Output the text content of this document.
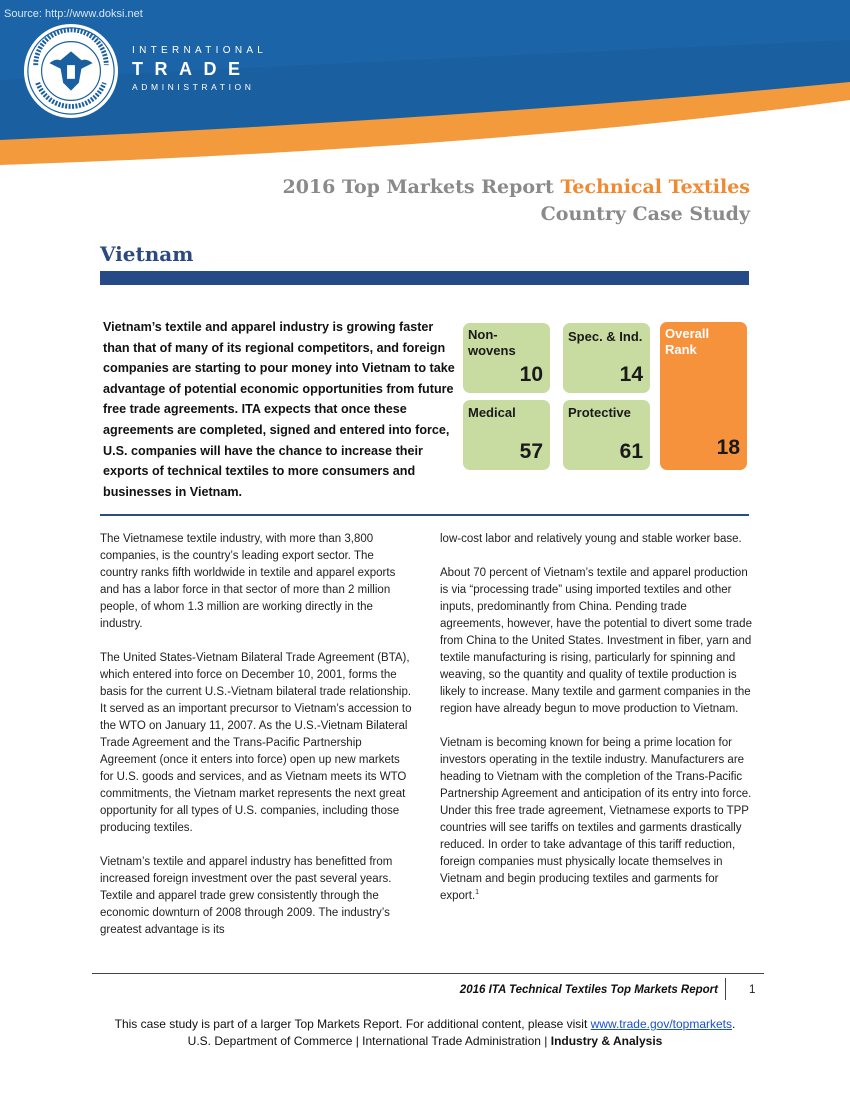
Source: http://www.doksi.net
INTERNATIONAL
TRADE
ADMINISTRATION
2016 Top Markets Report Technical Textiles
Country Case Study
Vietnam
Vietnam’s textile and apparel industry is growing faster than that of many of its regional competitors, and foreign companies are starting to pour money into Vietnam to take advantage of potential economic opportunities from future free trade agreements. ITA expects that once these agreements are completed, signed and entered into force, U.S. companies will have the chance to increase their exports of technical textiles to more consumers and businesses in Vietnam.
Non-
wovens
10
Spec. & Ind.
14
Medical
57
Protective
61
Overall
Rank
18

The Vietnamese textile industry, with more than 3,800 companies, is the country’s leading export sector. The country ranks fifth worldwide in textile and apparel exports and has a labor force in that sector of more than 2 million people, of whom 1.3 million are working directly in the industry.

The United States-Vietnam Bilateral Trade Agreement (BTA), which entered into force on December 10, 2001, forms the basis for the current U.S.-Vietnam bilateral trade relationship. It served as an important precursor to Vietnam’s accession to the WTO on January 11, 2007. As the U.S.-Vietnam Bilateral Trade Agreement and the Trans-Pacific Partnership Agreement (once it enters into force) open up new markets for U.S. goods and services, and as Vietnam meets its WTO commitments, the Vietnam market represents the next great opportunity for all types of U.S. companies, including those producing textiles.

Vietnam’s textile and apparel industry has benefitted from increased foreign investment over the past several years. Textile and apparel trade grew consistently through the economic downturn of 2008 through 2009. The industry’s greatest advantage is its

low-cost labor and relatively young and stable worker base.

About 70 percent of Vietnam’s textile and apparel production is via “processing trade” using imported textiles and other inputs, predominantly from China. Pending trade agreements, however, have the potential to divert some trade from China to the United States. Investment in fiber, yarn and textile manufacturing is rising, particularly for spinning and weaving, so the quantity and quality of textile production is likely to increase. Many textile and garment companies in the region have already begun to move production to Vietnam.

Vietnam is becoming known for being a prime location for investors operating in the textile industry. Manufacturers are heading to Vietnam with the completion of the Trans-Pacific Partnership Agreement and anticipation of its entry into force. Under this free trade agreement, Vietnamese exports to TPP countries will see tariffs on textiles and garments drastically reduced. In order to take advantage of this tariff reduction, foreign companies must physically locate themselves in Vietnam and begin producing textiles and garments for export.$^1$

2016 ITA Technical Textiles Top Markets Report	1
This case study is part of a larger Top Markets Report. For additional content, please visit www.trade.gov/topmarkets.
U.S. Department of Commerce | International Trade Administration | Industry & Analysis
